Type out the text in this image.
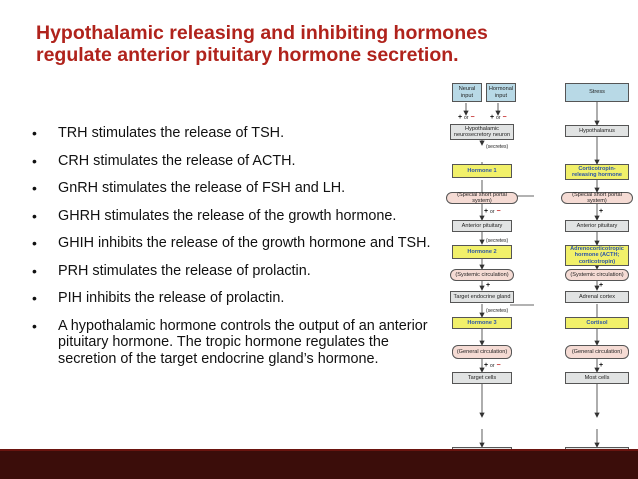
Hypothalamic releasing and inhibiting hormones
regulate anterior pituitary hormone secretion.
• TRH stimulates the release of TSH.
• CRH stimulates the release of ACTH.
• GnRH stimulates the release of FSH and LH.
• GHRH stimulates the release of the growth hormone.
• GHIH inhibits the release of the growth hormone and TSH.
• PRH stimulates the release of prolactin.
• PIH inhibits the release of prolactin.
• A hypothalamic hormone controls the output of an anterior pituitary hormone. The tropic hormone regulates the secretion of the target endocrine gland’s hormone.
Neural input
Hormonal input
+ or − + or −
Hypothalamic neurosecretory neuron
(secretes)
Hormone 1
(Special short portal system)
+ or −
Anterior pituitary
(secretes)
Hormone 2
(Systemic circulation)
+
Target endocrine gland
(secretes)
Hormone 3
(General circulation)
+ or −
Target cells
Stress
Hypothalamus
Corticotropin-releasing hormone
(Special short portal system)
+
Anterior pituitary
Adrenocorticotropic hormone (ACTH; corticotropin)
(Systemic circulation)
+
Adrenal cortex
Cortisol
(General circulation)
+
Most cells
